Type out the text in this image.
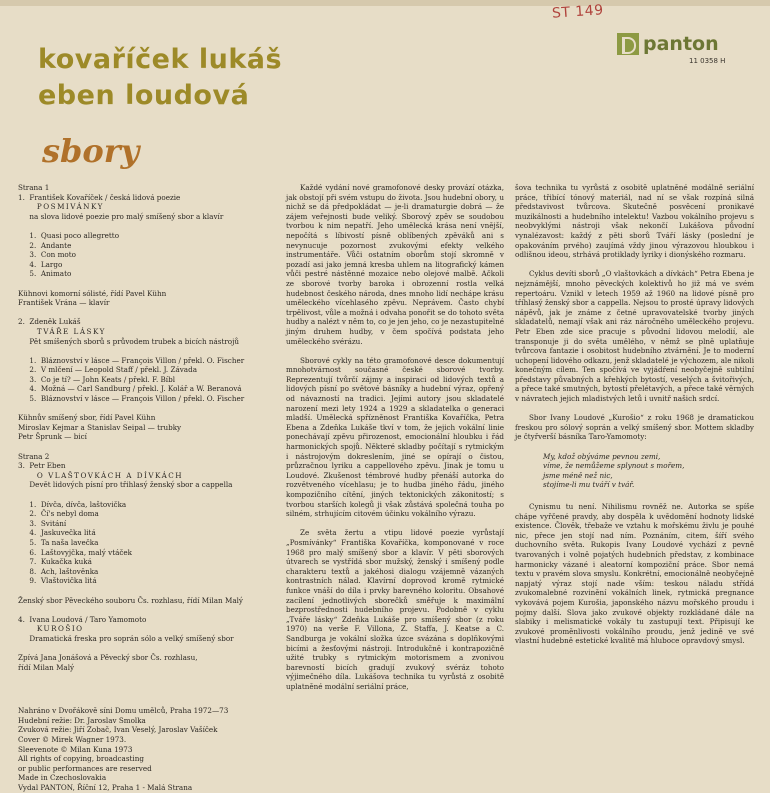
ST 149
kovaříček lukáš
eben loudová
panton
11 0358 H
sbory
Strana 1
1.  František Kovaříček / česká lidová poezie
POSMIVÁNKY
na slova lidové poezie pro malý smíšený sbor a klavír
1.  Quasi poco allegretto
2.  Andante
3.  Con moto
4.  Largo
5.  Animato
Kühnovi komorní sólisté, řídí Pavel Kühn
František Vrána — klavír
2.  Zdeněk Lukáš
TVÁŘE LÁSKY
Pět smíšených sborů s průvodem trubek a bicích nástrojů
1.  Bláznovství v lásce — François Villon / překl. O. Fischer
2.  V mlčení — Leopold Staff / překl. J. Závada
3.  Co je tí? — John Keats / překl. F. Bíbl
4.  Možná — Carl Sandburg / překl. J. Kolář a W. Beranová
5.  Bláznovství v lásce — François Villon / překl. O. Fischer
Kühnův smíšený sbor, řídí Pavel Kühn
Miroslav Kejmar a Stanislav Seipal — trubky
Petr Šprunk — bicí
Strana 2
3.  Petr Eben
O VLAŠTOVKÁCH A DÍVKÁCH
Devět lidových písní pro třihlasý ženský sbor a cappella
1.  Dívča, dívča, laštovička
2.  Čí's nebyl doma
3.  Svitání
4.  Jaskuvečka litá
5.  Ta naša lavečka
6.  Laštovyjčka, malý vtáček
7.  Kukačka kuká
8.  Ach, laštověnka
9.  Vlaštovička litá
Ženský sbor Pěveckého souboru Čs. rozhlasu, řídí Milan Malý
4.  Ivana Loudová / Taro Yamomoto
KUROŠIO
Dramatická freska pro soprán sólo a velký smíšený sbor
Zpívá Jana Jonášová a Pěvecký sbor Čs. rozhlasu,
řídí Milan Malý
Nahráno v Dvořákově síni Domu umělců, Praha 1972—73
Hudební režie: Dr. Jaroslav Smolka
Zvuková režie: Jiří Zobač, Ivan Veselý, Jaroslav Vašíček
Cover © Mirek Wagner 1973.
Sleevenote © Milan Kuna 1973
All rights of copying, broadcasting
or public performances are reserved
Made in Czechoslovakia
Vydal PANTON, Říční 12, Praha 1 - Malá Strana

Každé vydání nové gramofonové desky provází otázka, jak obstojí při svém vstupu do života. Jsou hudební obory, u nichž se dá předpokládat — je-li dramaturgie dobrá — že zájem veřejnosti bude veliký. Sborový zpěv se soudobou tvorbou k nim nepatří. Jeho umělecká krása není vnější, nepočítá s líbivostí písně oblíbených zpěváků ani s nevynucuje pozornost zvukovými efekty velkého instrumentáře. Vůči ostatním oborům stojí skromně v pozadí asi jako jemná kresba uhlem na litografický kámen vůči pestré nástěnné mozaice nebo olejové malbě. Ačkoli ze sborové tvorby baroka i obrozenní rostla velká hudebnost českého národa, dnes mnoho lidí nechápe krásu uměleckého vícehlasého zpěvu. Neprávem. Často chybí trpělivost, vůle a možná i odvaha ponořit se do tohoto světa hudby a nalézt v něm to, co je jen jeho, co je nezastupitelné jiným druhem hudby, v čem spočívá podstata jeho uměleckého svérázu.

Sborové cykly na této gramofonové desce dokumentují mnohotvárnost současné české sborové tvorby. Reprezentují tvůrčí zájmy a inspiraci od lidových textů a lidových písní po světové básníky a hudební výraz, opřený od návazností na tradici. Jejími autory jsou skladatelé narození mezi lety 1924 a 1929 a skladatelka o generaci mladší. Umělecká spřízněnost Františka Kovaříčka, Petra Ebena a Zdeňka Lukáše tkví v tom, že jejich vokální linie ponechávají zpěvu přirozenost, emocionální hloubku i řád harmonických spojů. Některé skladby počítají s rytmickým i nástrojovým dokreslením, jiné se opírají o čistou, průzračnou lyriku a cappellového zpěvu. Jinak je tomu u Loudové. Zkušenost témbrové hudby přenáší autorka do rozvětveného vícehlasu; je to hudba jiného řádu, jiného kompozičního cítění, jiných tektonických zákonitostí; s tvorbou starších kolegů ji však zůstává společná touha po silném, strhujícím citovém účinku vokálního výrazu.

Ze světa žertu a vtipu lidové poezie vyrůstají „Posmívánky“ Františka Kovaříčka, komponované v roce 1968 pro malý smíšený sbor a klavír. V pěti sborových útvarech se vystřídá sbor mužský, ženský i smíšený podle charakteru textů a jakéhosi dialogu vzájemně vázaných kontrastních nálad. Klavírní doprovod kromě rytmické funkce vnáší do díla i prvky barevného koloritu. Obsahové zacílení jednotlivých sborečků směřuje k maximální bezprostřednosti hudebního projevu. Podobně v cyklu „Tváře lásky“ Zdeňka Lukáše pro smíšený sbor (z roku 1970) na verše F. Villona, Z. Staffa, J. Keatse a C. Sandburga je vokální složka úzce svázána s doplňkovými bicími a žesťovými nástroji. Introdukčně i kontrapozičně užité trubky s rytmickým motorismem a zvonivou barevností bicích gradují zvukový svéráz tohoto výjimečného díla. Lukášova technika tu vyrůstá z osobitě uplatněné modální seriální práce,

šova technika tu vyrůstá z osobitě uplatněné modálně seriální práce, třibící tónový materiál, nad ní se však rozpíná silná představivost tvůrcova. Skutečně posvěcení pronikavé muzikálnosti a hudebního intelektu! Vazbou vokálního projevu s neobvyklými nástroji však nekončí Lukášova původní vynalézavost: každý z pěti sborů Tváří lásky (poslední je opakováním prvého) zaujímá vždy jinou výrazovou hloubkou i odlišnou ideou, strhává protiklady lyriky i dionýského rozmaru.

Cyklus devíti sborů „O vlaštovkách a dívkách“ Petra Ebena je nejznámější, mnoho pěveckých kolektivů ho již má ve svém repertoáru. Vznikl v letech 1959 až 1960 na lidové písně pro tříhlasý ženský sbor a cappella. Nejsou to prosté úpravy lidových nápěvů, jak je známe z četné upravovatelské tvorby jiných skladatelů, nemají však ani ráz náročného uměleckého projevu. Petr Eben zde sice pracuje s původní lidovou melodií, ale transponuje ji do světa umělého, v němž se plně uplatňuje tvůrcova fantazie i osobitost hudebního ztvárnění. Je to moderní uchopení lidového odkazu, jenž skladatelé je výchozem, ale nikoli konečným cílem. Ten spočívá ve vyjádření neobyčejně subtilní představy půvabných a křehkých bytostí, veselých a švitořivých, a přece také smutných, bytostí přelétavých, a přece také věrných v návratech jejich mladistvých letů i uvnitř našich srdcí.

Sbor Ivany Loudové „Kurošio“ z roku 1968 je dramatickou freskou pro sólový soprán a velký smíšený sbor. Mottem skladby je čtyřverší básníka Taro-Yamomoty:

My, kdož obýváme pevnou zemi,
víme, že nemůžeme splynout s mořem,
jsme méně než nic,
stojíme-li mu tváří v tvář.

Cynismu tu není. Nihilismu rovněž ne. Autorka se spíše chápe vyřčené pravdy, aby dospěla k uvědomění hodnoty lidské existence. Člověk, třebaže ve vztahu k mořskému živlu je pouhé nic, přece jen stojí nad ním. Poznáním, citem, šíří svého duchovního světa. Rukopis Ivany Loudové vychází z pevně tvarovaných i volně pojatých hudebních představ, z kombinace harmonicky vázané i aleatorní kompoziční práce. Sbor nemá textu v pravém slova smyslu. Konkrétní, emocionálně neobyčejně napjatý výraz stojí nade vším: teskou náladu střídá zvukomalebné rozvinění vokálních linek, rytmická pregnance vykovává pojem Kurošia, japonského názvu mořského proudu i pojmy další. Slova jako zvukové objekty rozkládané dále na slabiky i melismatické vokály tu zastupují text. Připisují ke zvukové proměnlivosti vokálního proudu, jenž jedině ve své vlastní hudebně estetické kvalitě má hluboce opravdový smysl.
